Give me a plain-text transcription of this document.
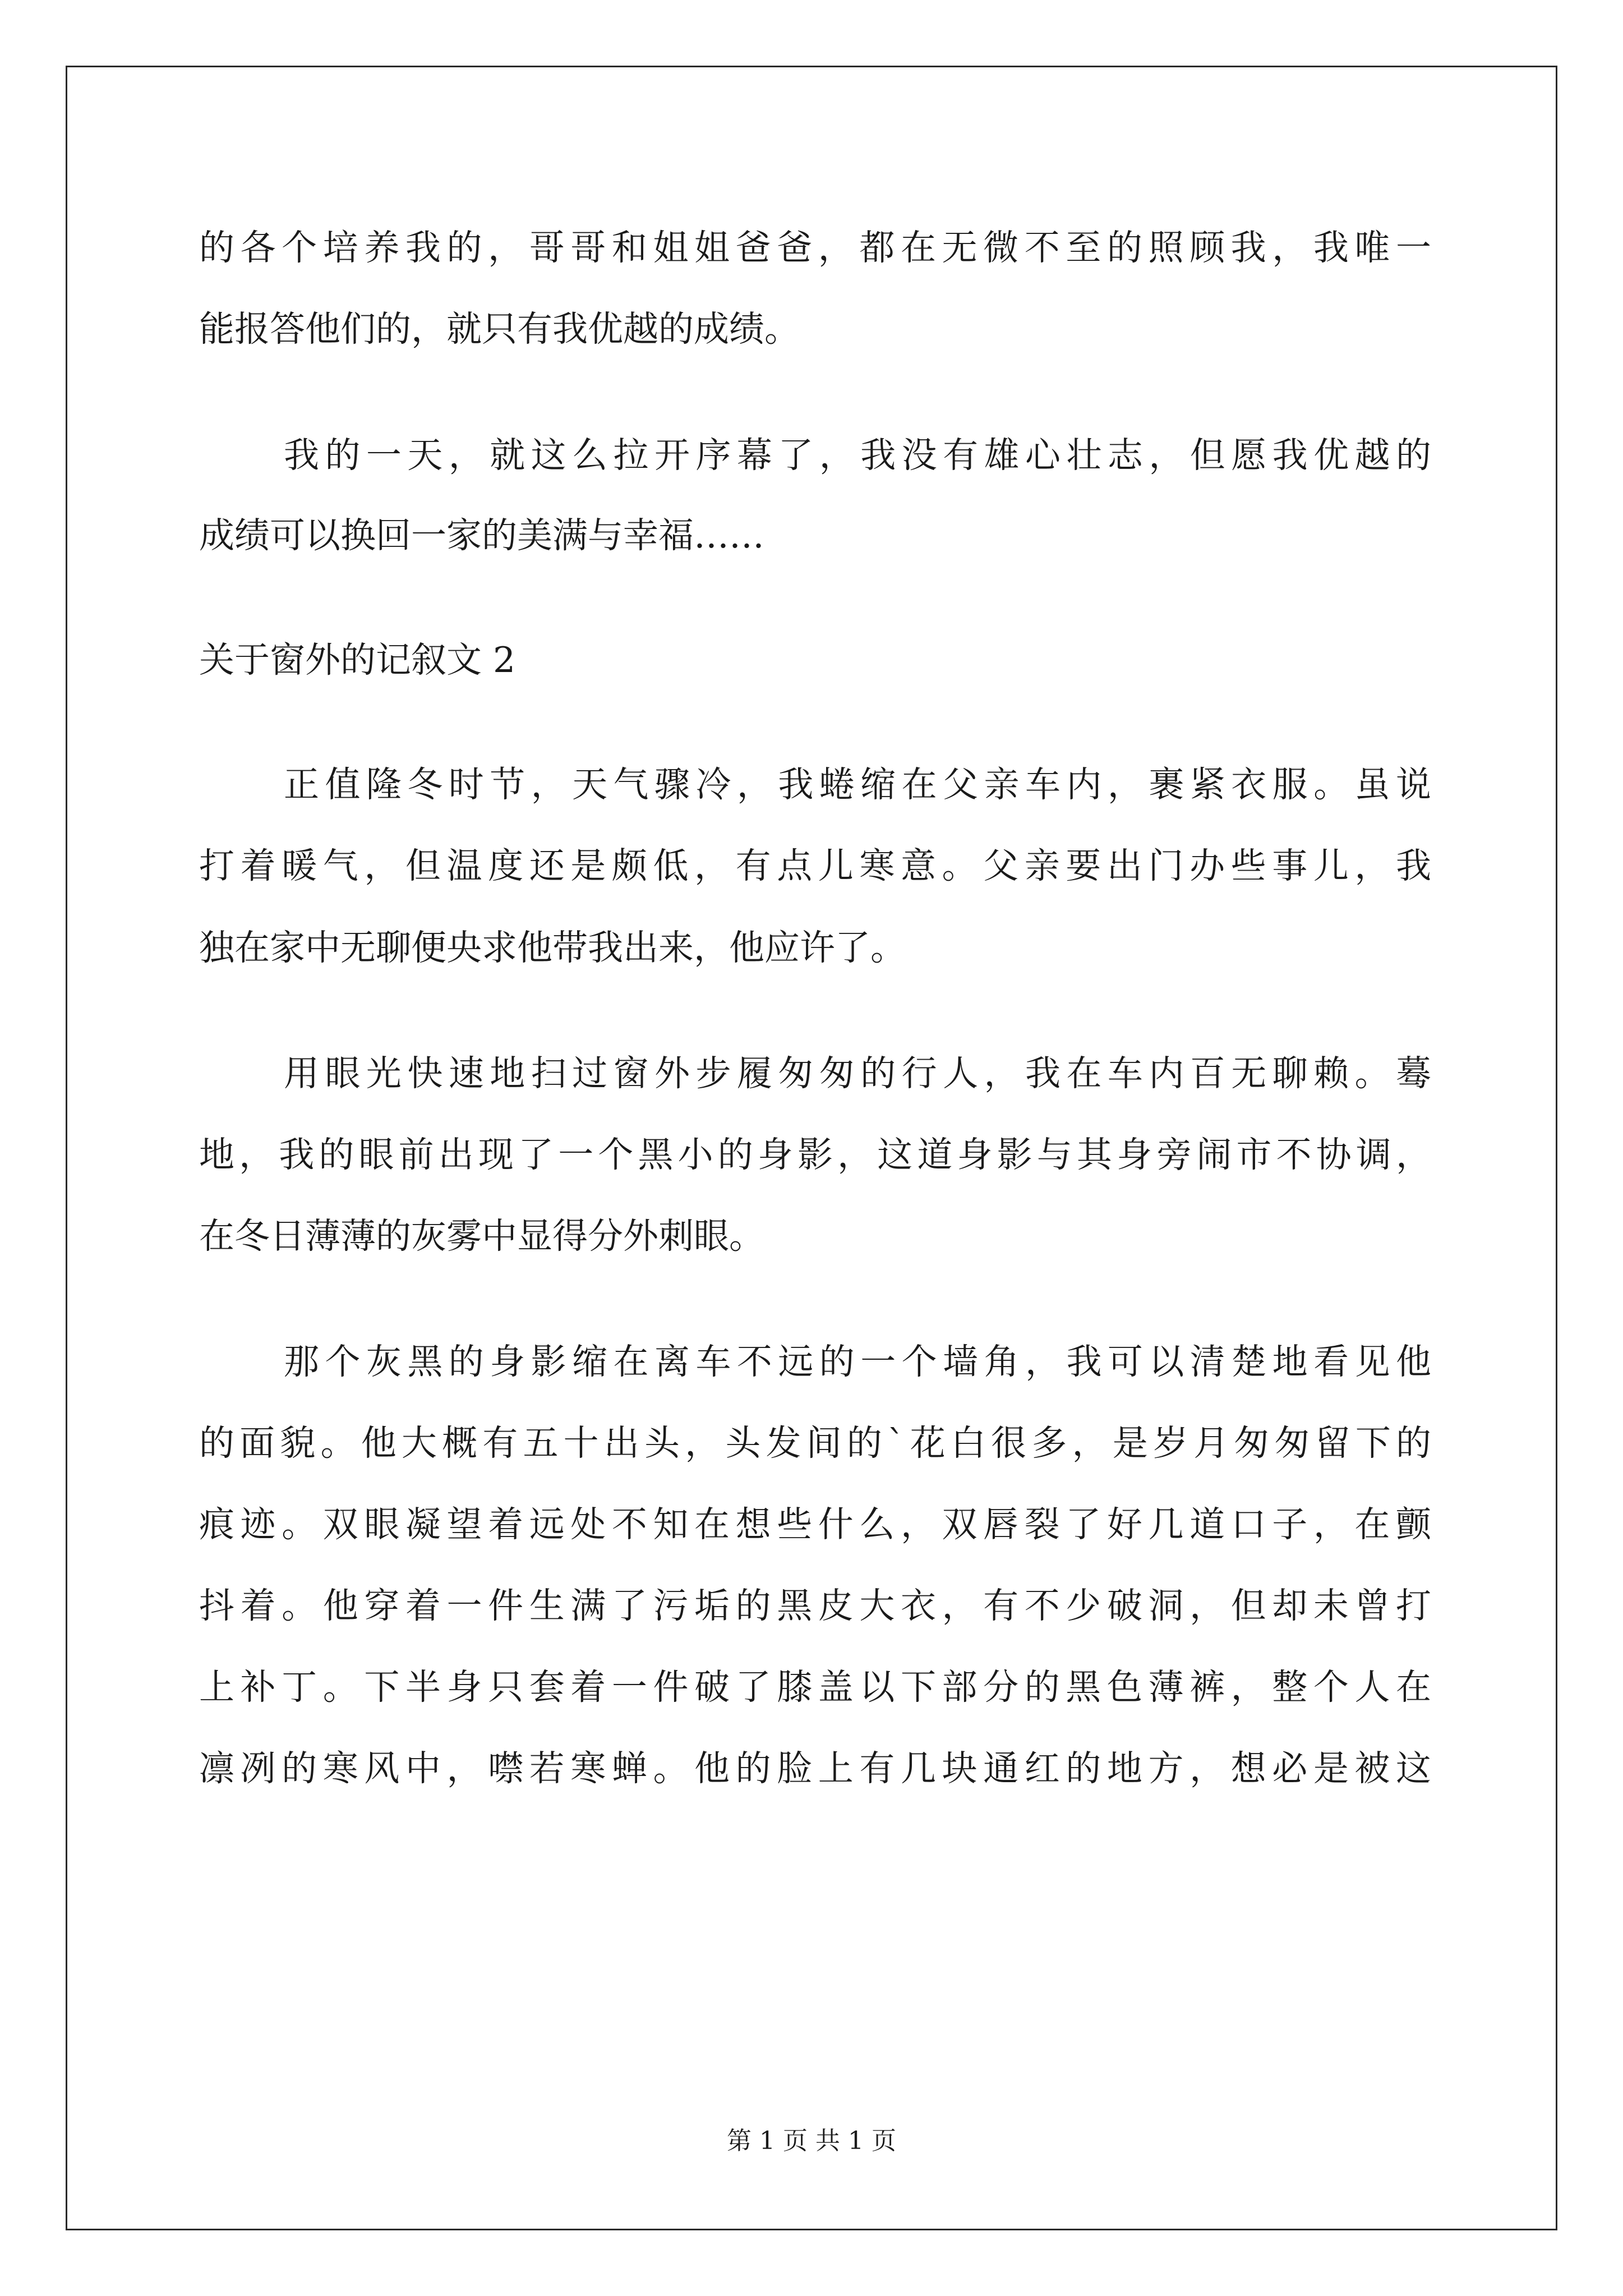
的各个培养我的，哥哥和姐姐爸爸，都在无微不至的照顾我，我唯一
能报答他们的，就只有我优越的成绩。
我的一天，就这么拉开序幕了，我没有雄心壮志，但愿我优越的
成绩可以换回一家的美满与幸福……
关于窗外的记叙文 2
正值隆冬时节，天气骤冷，我蜷缩在父亲车内，裹紧衣服。虽说
打着暖气，但温度还是颇低，有点儿寒意。父亲要出门办些事儿，我
独在家中无聊便央求他带我出来，他应许了。
用眼光快速地扫过窗外步履匆匆的行人，我在车内百无聊赖。蓦
地，我的眼前出现了一个黑小的身影，这道身影与其身旁闹市不协调，
在冬日薄薄的灰雾中显得分外刺眼。
那个灰黑的身影缩在离车不远的一个墙角，我可以清楚地看见他
的面貌。他大概有五十出头，头发间的`花白很多，是岁月匆匆留下的
痕迹。双眼凝望着远处不知在想些什么，双唇裂了好几道口子，在颤
抖着。他穿着一件生满了污垢的黑皮大衣，有不少破洞，但却未曾打
上补丁。下半身只套着一件破了膝盖以下部分的黑色薄裤，整个人在
凛冽的寒风中，噤若寒蝉。他的脸上有几块通红的地方，想必是被这
第 1 页 共 1 页
